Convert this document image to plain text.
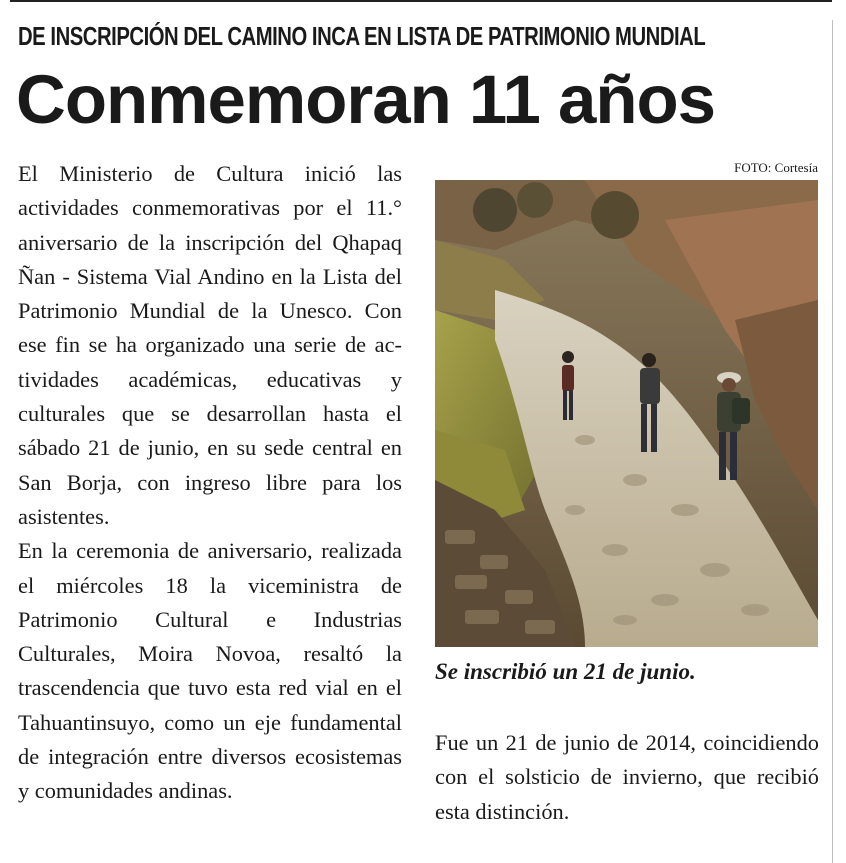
DE INSCRIPCIÓN DEL CAMINO INCA EN LISTA DE PATRIMONIO MUNDIAL
Conmemoran 11 años

El Ministerio de Cultura inició las actividades conmemorativas por el 11.° aniversario de la inscripción del Qhapaq Ñan - Sistema Vial Andino en la Lista del Patrimonio Mundial de la Unesco. Con ese fin se ha organizado una serie de actividades académicas, educativas y culturales que se desarrollan hasta el sábado 21 de junio, en su sede central en San Borja, con ingreso libre para los asistentes.

En la ceremonia de aniversario, realizada el miércoles 18 la viceministra de Patrimonio Cultural e Industrias Culturales, Moira Novoa, resaltó la trascendencia que tuvo esta red vial en el Tahuantinsuyo, como un eje fundamental de integración entre diversos ecosistemas y comunidades andinas.

FOTO: Cortesía
Se inscribió un 21 de junio.

Fue un 21 de junio de 2014, coincidiendo con el solsticio de invierno, que recibió esta distinción.
